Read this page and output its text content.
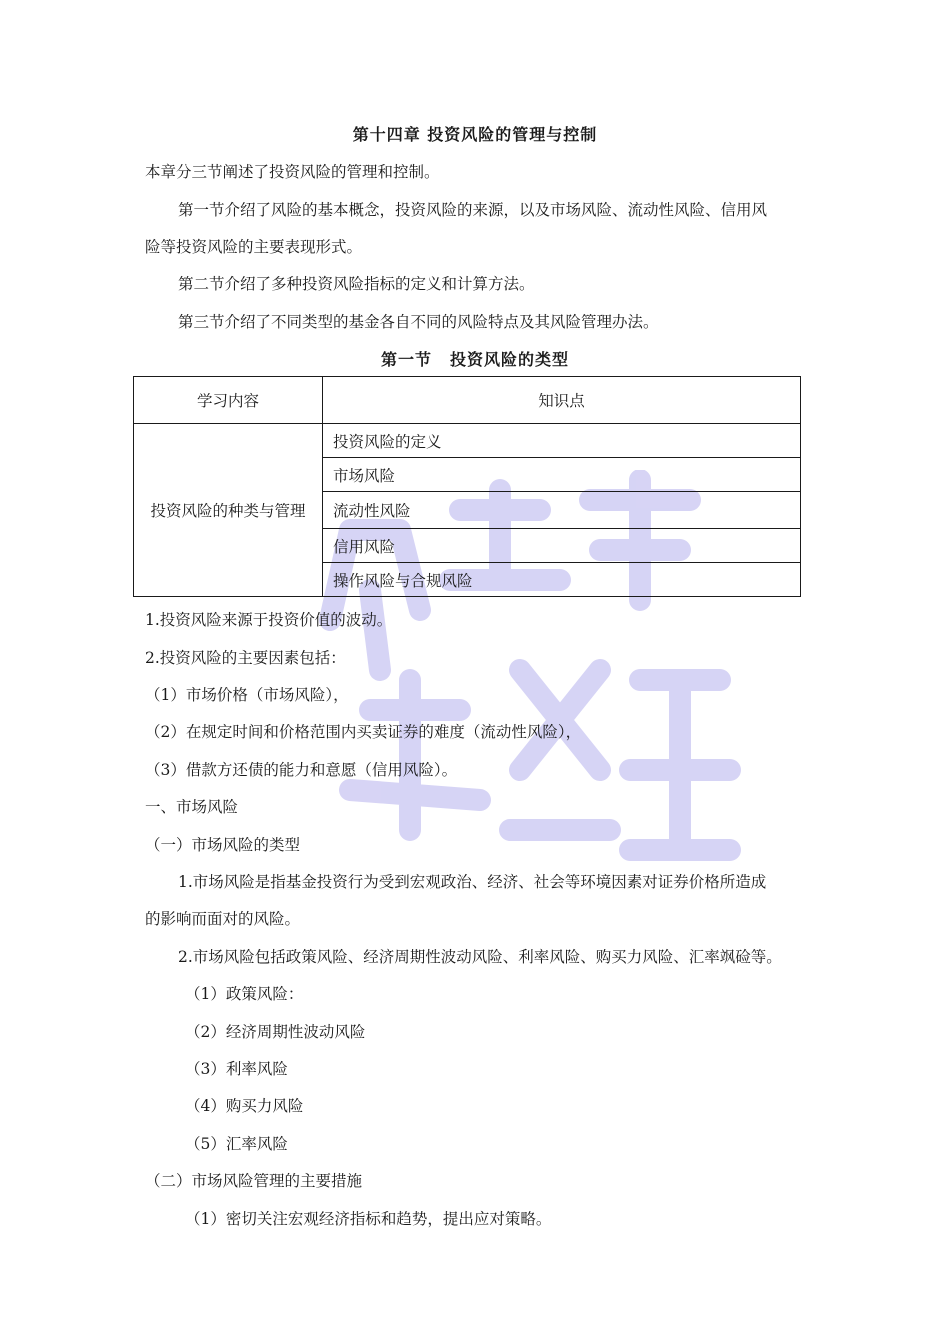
第十四章 投资风险的管理与控制
本章分三节阐述了投资风险的管理和控制。
第一节介绍了风险的基本概念，投资风险的来源，以及市场风险、流动性风险、信用风
险等投资风险的主要表现形式。
第二节介绍了多种投资风险指标的定义和计算方法。
第三节介绍了不同类型的基金各自不同的风险特点及其风险管理办法。
第一节 投资风险的类型
学习内容	知识点
投资风险的种类与管理	投资风险的定义
	市场风险
	流动性风险
	信用风险
	操作风险与合规风险
1.投资风险来源于投资价值的波动。
2.投资风险的主要因素包括：
（1）市场价格（市场风险），
（2）在规定时间和价格范围内买卖证券的难度（流动性风险），
（3）借款方还债的能力和意愿（信用风险）。
一、市场风险
（一）市场风险的类型
1.市场风险是指基金投资行为受到宏观政治、经济、社会等环境因素对证券价格所造成
的影响而面对的风险。
2.市场风险包括政策风险、经济周期性波动风险、利率风险、购买力风险、汇率飒硷等。
（1）政策风险：
（2）经济周期性波动风险
（3）利率风险
（4）购买力风险
（5）汇率风险
（二）市场风险管理的主要措施
（1）密切关注宏观经济指标和趋势，提出应对策略。
